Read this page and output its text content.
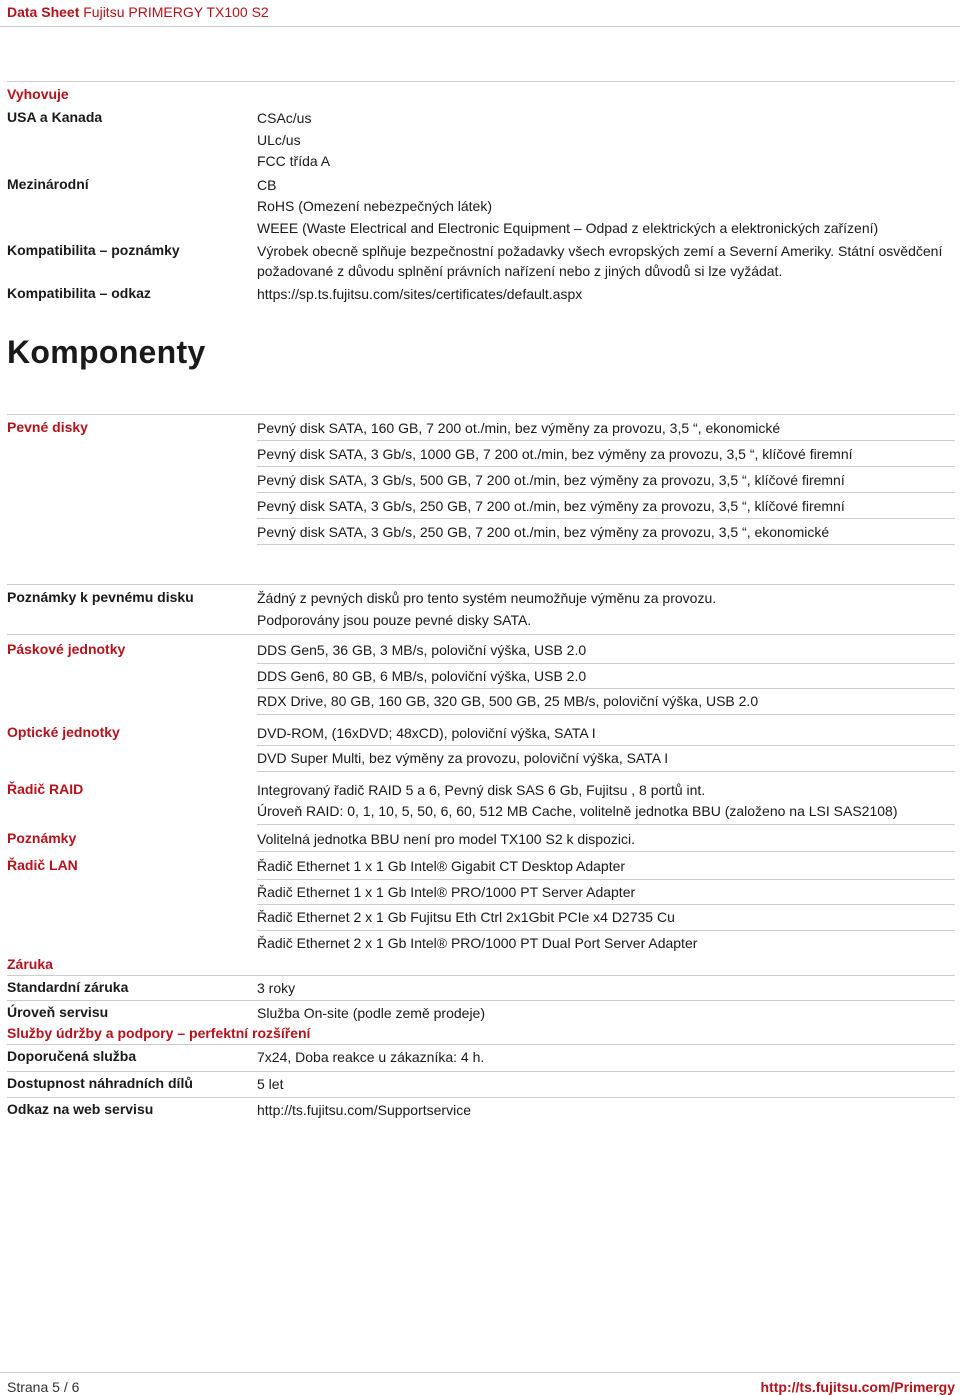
Data Sheet Fujitsu PRIMERGY TX100 S2
Vyhovuje
USA a Kanada	CSAc/us
ULc/us
FCC třída A
Mezinárodní	CB
RoHS (Omezení nebezpečných látek)
WEEE (Waste Electrical and Electronic Equipment – Odpad z elektrických a elektronických zařízení)
Kompatibilita – poznámky	Výrobek obecně splňuje bezpečnostní požadavky všech evropských zemí a Severní Ameriky. Státní osvědčení požadované z důvodu splnění právních nařízení nebo z jiných důvodů si lze vyžádat.
Kompatibilita – odkaz	https://sp.ts.fujitsu.com/sites/certificates/default.aspx
Komponenty
Pevné disky	Pevný disk SATA, 160 GB, 7 200 ot./min, bez výměny za provozu, 3,5 “, ekonomické
Pevný disk SATA, 3 Gb/s, 1000 GB, 7 200 ot./min, bez výměny za provozu, 3,5 “, klíčové firemní
Pevný disk SATA, 3 Gb/s, 500 GB, 7 200 ot./min, bez výměny za provozu, 3,5 “, klíčové firemní
Pevný disk SATA, 3 Gb/s, 250 GB, 7 200 ot./min, bez výměny za provozu, 3,5 “, klíčové firemní
Pevný disk SATA, 3 Gb/s, 250 GB, 7 200 ot./min, bez výměny za provozu, 3,5 “, ekonomické
Poznámky k pevnému disku	Žádný z pevných disků pro tento systém neumožňuje výměnu za provozu.
Podporovány jsou pouze pevné disky SATA.
Páskové jednotky	DDS Gen5, 36 GB, 3 MB/s, poloviční výška, USB 2.0
DDS Gen6, 80 GB, 6 MB/s, poloviční výška, USB 2.0
RDX Drive, 80 GB, 160 GB, 320 GB, 500 GB, 25 MB/s, poloviční výška, USB 2.0
Optické jednotky	DVD-ROM, (16xDVD; 48xCD), poloviční výška, SATA I
DVD Super Multi, bez výměny za provozu, poloviční výška, SATA I
Řadič RAID	Integrovaný řadič RAID 5 a 6, Pevný disk SAS 6 Gb, Fujitsu , 8 portů int.
Úroveň RAID: 0, 1, 10, 5, 50, 6, 60, 512 MB Cache, volitelně jednotka BBU (založeno na LSI SAS2108)
Poznámky	Volitelná jednotka BBU není pro model TX100 S2 k dispozici.
Řadič LAN	Řadič Ethernet 1 x 1 Gb Intel® Gigabit CT Desktop Adapter
Řadič Ethernet 1 x 1 Gb Intel® PRO/1000 PT Server Adapter
Řadič Ethernet 2 x 1 Gb Fujitsu Eth Ctrl 2x1Gbit PCIe x4 D2735 Cu
Řadič Ethernet 2 x 1 Gb Intel® PRO/1000 PT Dual Port Server Adapter
Záruka
Standardní záruka	3 roky
Úroveň servisu	Služba On-site (podle země prodeje)
Služby údržby a podpory – perfektní rozšíření
Doporučená služba	7x24, Doba reakce u zákazníka: 4 h.
Dostupnost náhradních dílů	5 let
Odkaz na web servisu	http://ts.fujitsu.com/Supportservice
Strana 5 / 6	http://ts.fujitsu.com/Primergy
